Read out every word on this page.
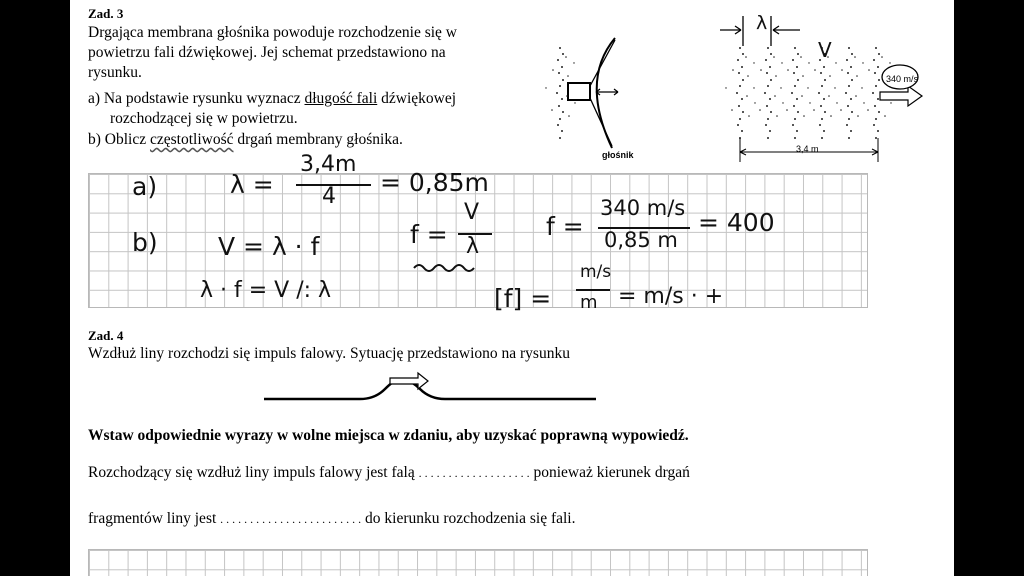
Zad. 3
Drgająca membrana głośnika powoduje rozchodzenie się w
powietrzu fali dźwiękowej. Jej schemat przedstawiono na
rysunku.
a) Na podstawie rysunku wyznacz długość fali dźwiękowej
rozchodzącej się w powietrzu.
b) Oblicz częstotliwość drgań membrany głośnika.
głośnik
λ
V
340 m/s
3,4 m
a)
b)
λ =
3,4m
4 = 0,85m
V = λ · f
λ · f = V /: λ
f =
V
λ
f =
340 m/s
0,85 m
= 400
[f] =
m/s
m = m/s · +
Zad. 4
Wzdłuż liny rozchodzi się impuls falowy. Sytuację przedstawiono na rysunku
Wstaw odpowiednie wyrazy w wolne miejsca w zdaniu, aby uzyskać poprawną wypowiedź.
Rozchodzący się wzdłuż liny impuls falowy jest falą . . . . . . . . . . . . . . . . . . . ponieważ kierunek drgań
fragmentów liny jest . . . . . . . . . . . . . . . . . . . . . . . . do kierunku rozchodzenia się fali.
